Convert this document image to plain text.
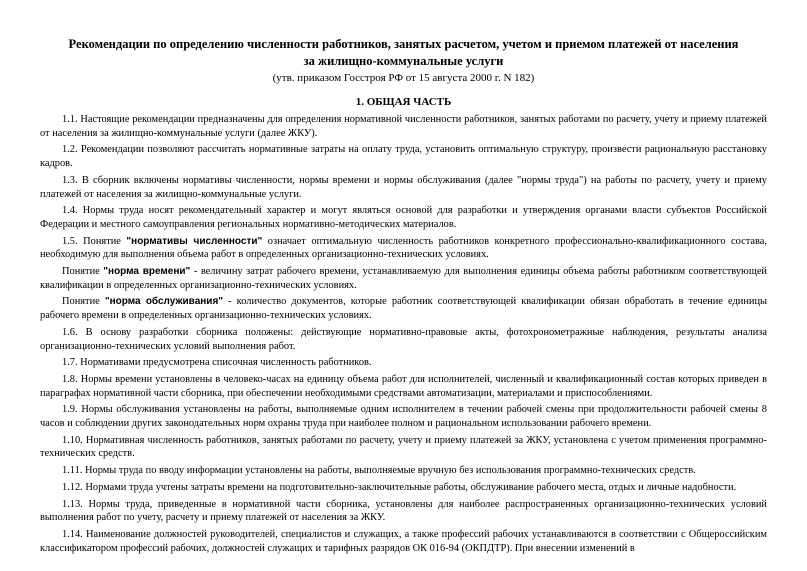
Рекомендации по определению численности работников, занятых расчетом, учетом и приемом платежей от населения
за жилищно-коммунальные услуги

(утв. приказом Госстроя РФ от 15 августа 2000 г. N 182)

1. ОБЩАЯ ЧАСТЬ

1.1. Настоящие рекомендации предназначены для определения нормативной численности работников, занятых работами по расчету, учету и приему платежей от населения за жилищно-коммунальные услуги (далее ЖКУ).

1.2. Рекомендации позволяют рассчитать нормативные затраты на оплату труда, установить оптимальную структуру, произвести рациональную расстановку кадров.

1.3. В сборник включены нормативы численности, нормы времени и нормы обслуживания (далее "нормы труда") на работы по расчету, учету и приему платежей от населения за жилищно-коммунальные услуги.

1.4. Нормы труда носят рекомендательный характер и могут являться основой для разработки и утверждения органами власти субъектов Российской Федерации и местного самоуправления региональных нормативно-методических материалов.

1.5. Понятие "нормативы численности" означает оптимальную численность работников конкретного профессионально-квалификационного состава, необходимую для выполнения объема работ в определенных организационно-технических условиях.

Понятие "норма времени" - величину затрат рабочего времени, устанавливаемую для выполнения единицы объема работы работником соответствующей квалификации в определенных организационно-технических условиях.

Понятие "норма обслуживания" - количество документов, которые работник соответствующей квалификации обязан обработать в течение единицы рабочего времени в определенных организационно-технических условиях.

1.6. В основу разработки сборника положены: действующие нормативно-правовые акты, фотохронометражные наблюдения, результаты анализа организационно-технических условий выполнения работ.

1.7. Нормативами предусмотрена списочная численность работников.

1.8. Нормы времени установлены в человеко-часах на единицу объема работ для исполнителей, численный и квалификационный состав которых приведен в параграфах нормативной части сборника, при обеспечении необходимыми средствами автоматизации, материалами и приспособлениями.

1.9. Нормы обслуживания установлены на работы, выполняемые одним исполнителем в течении рабочей смены при продолжительности рабочей смены 8 часов и соблюдении других законодательных норм охраны труда при наиболее полном и рациональном использовании рабочего времени.

1.10. Нормативная численность работников, занятых работами по расчету, учету и приему платежей за ЖКУ, установлена с учетом применения программно-технических средств.

1.11. Нормы труда по вводу информации установлены на работы, выполняемые вручную без использования программно-технических средств.

1.12. Нормами труда учтены затраты времени на подготовительно-заключительные работы, обслуживание рабочего места, отдых и личные надобности.

1.13. Нормы труда, приведенные в нормативной части сборника, установлены для наиболее распространенных организационно-технических условий выполнения работ по учету, расчету и приему платежей от населения за ЖКУ.

1.14. Наименование должностей руководителей, специалистов и служащих, а также профессий рабочих устанавливаются в соответствии с Общероссийским классификатором профессий рабочих, должностей служащих и тарифных разрядов ОК 016-94 (ОКПДТР). При внесении изменений в
